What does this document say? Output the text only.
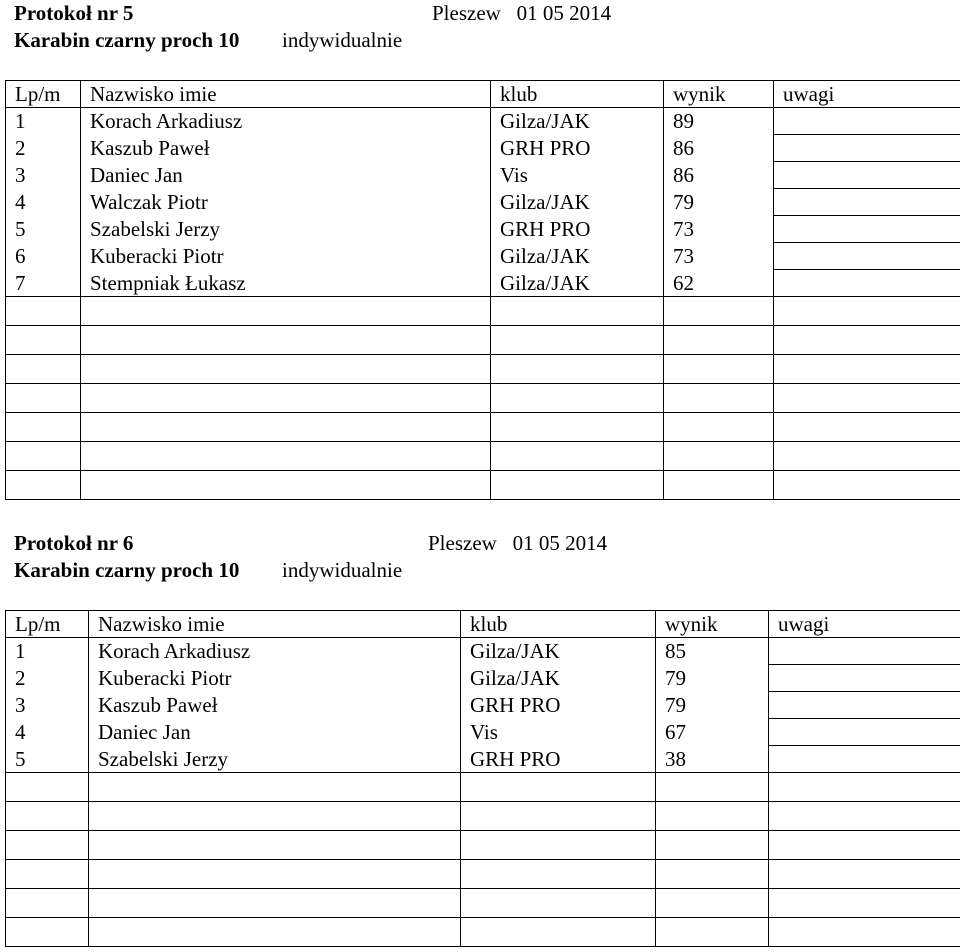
Protokoł nr 5	Pleszew   01 05 2014
Karabin czarny proch 10 indywidualnie
Lp/m	Nazwisko imie	klub	wynik	uwagi
1	Korach Arkadiusz	Gilza/JAK	89	
2	Kaszub Paweł	GRH PRO	86	
3	Daniec Jan	Vis	86	
4	Walczak Piotr	Gilza/JAK	79	
5	Szabelski Jerzy	GRH PRO	73	
6	Kuberacki Piotr	Gilza/JAK	73	
7	Stempniak Łukasz	Gilza/JAK	62	

Protokoł nr 6	Pleszew   01 05 2014
Karabin czarny proch 10 indywidualnie
Lp/m	Nazwisko imie	klub	wynik	uwagi
1	Korach Arkadiusz	Gilza/JAK	85	
2	Kuberacki Piotr	Gilza/JAK	79	
3	Kaszub Paweł	GRH PRO	79	
4	Daniec Jan	Vis	67	
5	Szabelski Jerzy	GRH PRO	38	
